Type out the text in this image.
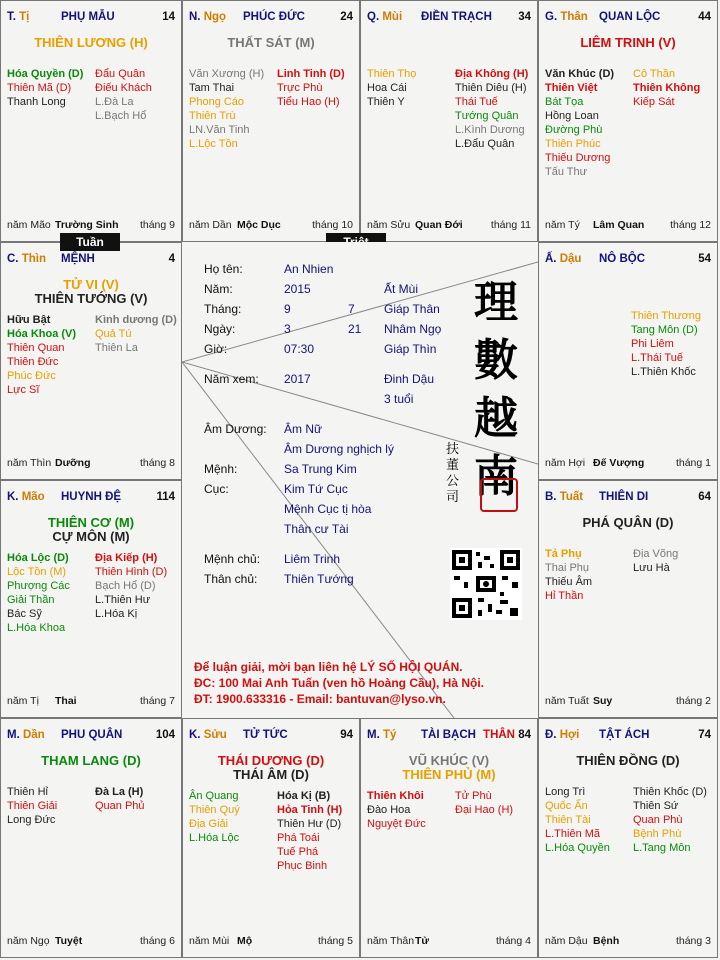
T. Tị	PHỤ MẪU	14
THIÊN LƯƠNG (H)
Hóa Quyền (D)
Thiên Mã (D)
Thanh Long
Đẩu Quân
Điếu Khách
L.Đà La
L.Bạch Hổ
năm Mão Trường Sinh tháng 9
N. Ngọ PHÚC ĐỨC	24
THẤT SÁT (M)
Văn Xương (H)
Tam Thai
Phong Cáo
Thiên Trù
LN.Văn Tinh
L.Lộc Tồn
Linh Tinh (D)
Trực Phù
Tiểu Hao (H)
năm Dần Mộc Dục	tháng 10
Q. Mùi ĐIỀN TRẠCH 34
Thiên Thọ
Hoa Cái
Thiên Y
Địa Không (H)
Thiên Diêu (H)
Thái Tuế
Tướng Quân
L.Kình Dương
L.Đẩu Quân
năm Sửu Quan Đới	tháng 11
G. Thân QUAN LỘC	44
LIÊM TRINH (V)
Văn Khúc (D)
Thiên Việt
Bát Tọa
Hồng Loan
Đường Phù
Thiên Phúc
Thiếu Dương
Tấu Thư
Cô Thần
Thiên Không
Kiếp Sát
năm Tý Lâm Quan tháng 12
C. Thìn MỆNH	4
TỬ VI (V)
THIÊN TƯỚNG (V)
Hữu Bật
Hóa Khoa (V)
Thiên Quan
Thiên Đức
Phúc Đức
Lực Sĩ
Kình dương (D)
Quả Tú
Thiên La
năm Thìn Dưỡng	tháng 8
Ấ. Dậu NÔ BỘC	54
Thiên Thương
Tang Môn (D)
Phi Liêm
L.Thái Tuế
L.Thiên Khốc
năm Hợi Đế Vượng	tháng 1
K. Mão HUYNH ĐỆ	114
THIÊN CƠ (M)
CỰ MÔN (M)
Hóa Lộc (D)
Lộc Tồn (M)
Phượng Các
Giải Thần
Bác Sỹ
L.Hóa Khoa
Địa Kiếp (H)
Thiên Hình (D)
Bạch Hổ (D)
L.Thiên Hư
L.Hóa Kị
năm Tị Thai	tháng 7
B. Tuất THIÊN DI	64
PHÁ QUÂN (D)
Tả Phụ
Thai Phụ
Thiếu Âm
Hỉ Thần
Địa Võng
Lưu Hà
năm Tuất Suy	tháng 2
M. Dần PHU QUÂN	104
THAM LANG (D)
Thiên Hỉ
Thiên Giải
Long Đức
Đà La (H)
Quan Phủ
năm Ngọ Tuyệt	tháng 6
K. Sửu TỬ TỨC	94
THÁI DƯƠNG (D)
THÁI ÂM (D)
Ân Quang
Thiên Quý
Địa Giải
L.Hóa Lộc
Hóa Kị (B)
Hỏa Tinh (H)
Thiên Hư (D)
Phá Toái
Tuế Phá
Phục Binh
năm Mùi Mộ	tháng 5
M. Tý TÀI BẠCH THÂN 84
VŨ KHÚC (V)
THIÊN PHỦ (M)
Thiên Khôi
Đào Hoa
Nguyệt Đức
Tử Phù
Đại Hao (H)
năm Thân Tử	tháng 4
Đ. Hợi TẬT ÁCH	74
THIÊN ĐỒNG (D)
Long Trì
Quốc Ấn
Thiên Tài
L.Thiên Mã
L.Hóa Quyền
Thiên Khốc (D)
Thiên Sứ
Quan Phù
Bệnh Phù
L.Tang Môn
năm Dậu Bệnh	tháng 3
Tuần
Họ tên:	An Nhien
Năm:	2015	Ất Mùi
Tháng:	9	7 Giáp Thân
Ngày:	3	21 Nhâm Ngọ
Giờ:	07:30	Giáp Thìn
Năm xem: 2017	Đinh Dậu
3 tuổi
Âm Dương: Âm Nữ
Âm Dương nghịch lý
Mệnh:	Sa Trung Kim
Cục:	Kim Tứ Cục
Mệnh Cục tị hòa
Thân cư Tài
Mệnh chủ: Liêm Trinh
Thân chủ: Thiên Tướng
理
數
越
南
扶
董
公
司
Để luận giải, mời bạn liên hệ LÝ SỐ HỘI QUÁN.
ĐC: 100 Mai Anh Tuấn (ven hồ Hoàng Cầu), Hà Nội.
ĐT: 1900.633316 - Email: bantuvan@lyso.vn.
